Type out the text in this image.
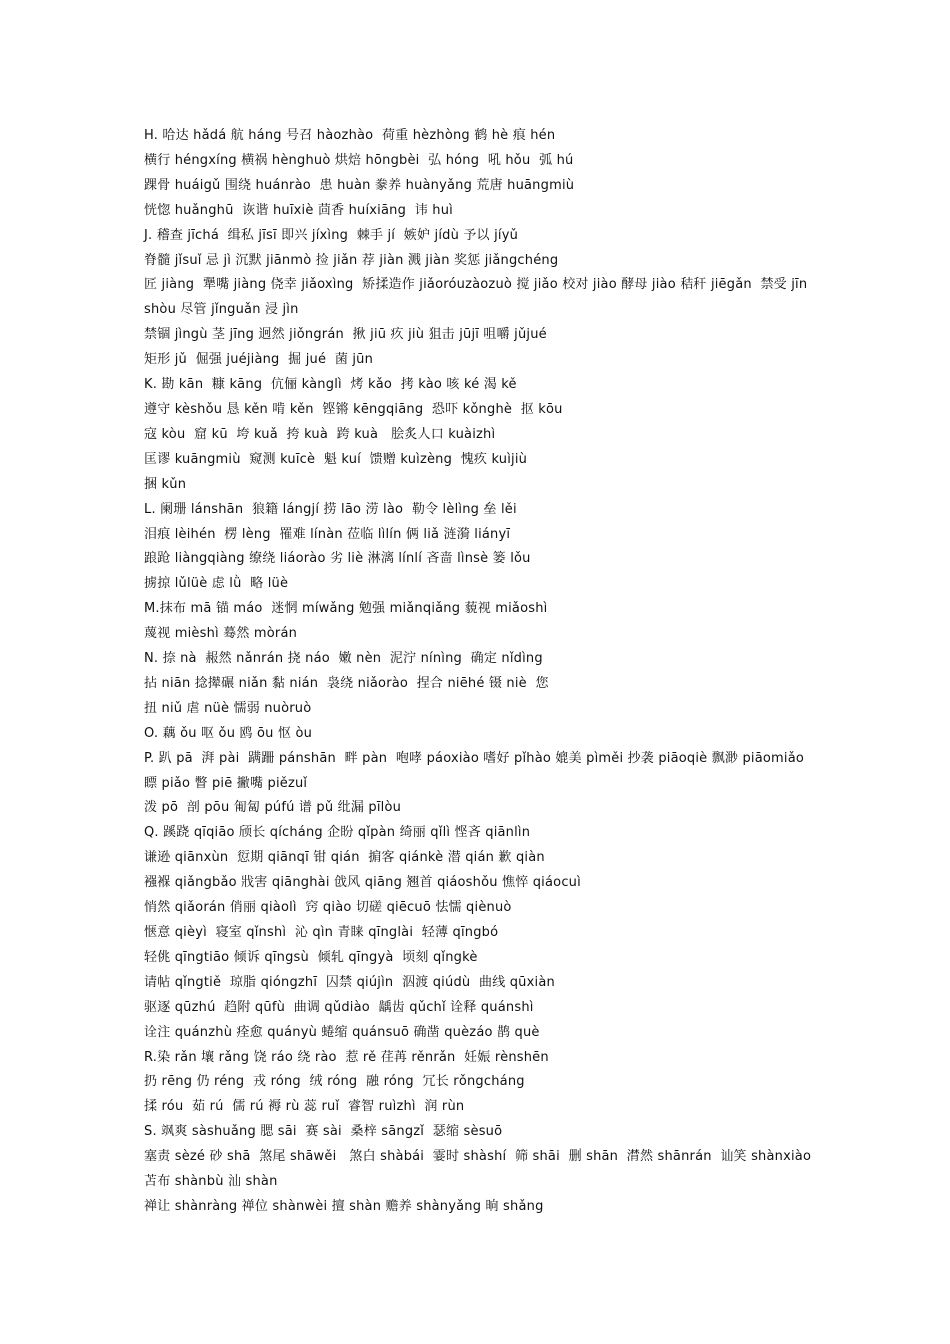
H. 哈达 hǎdá 航 háng 号召 hàozhào  荷重 hèzhòng 鹤 hè 痕 hén
横行 héngxíng 横祸 hènghuò 烘焙 hōngbèi  弘 hóng  吼 hǒu  弧 hú
踝骨 huáigǔ 围绕 huánrào  患 huàn 豢养 huànyǎng 荒唐 huāngmiù
恍惚 huǎnghū  诙谐 huīxiè 茴香 huíxiāng  讳 huì
J. 稽查 jīchá  缉私 jīsī 即兴 jíxìng  棘手 jí  嫉妒 jídù 予以 jíyǔ
脊髓 jǐsuǐ 忌 jì 沉默 jiānmò 捡 jiǎn 荐 jiàn 溅 jiàn 奖惩 jiǎngchéng
匠 jiàng  犟嘴 jiàng 侥幸 jiǎoxìng  矫揉造作 jiǎoróuzàozuò 搅 jiǎo 校对 jiào 酵母 jiào 秸秆 jiēgǎn  禁受 jīnshòu 尽管 jǐnguǎn 浸 jìn
禁锢 jìngù 茎 jīng 迥然 jiǒngrán  揪 jiū 疚 jiù 狙击 jūjī 咀嚼 jǔjué
矩形 jǔ  倔强 juéjiàng  掘 jué  菌 jūn
K. 勘 kān  糠 kāng  伉俪 kànglì  烤 kǎo  拷 kào 咳 ké 渴 kě
遵守 kèshǒu 恳 kěn 啃 kěn  铿锵 kēngqiāng  恐吓 kǒnghè  抠 kōu
寇 kòu  窟 kū  垮 kuǎ  挎 kuà  跨 kuà   脍炙人口 kuàizhì
匡谬 kuāngmiù  窥测 kuīcè  魁 kuí  馈赠 kuìzèng  愧疚 kuìjiù
捆 kǔn
L. 阑珊 lánshān  狼籍 lángjí 捞 lāo 涝 lào  勒令 lèlìng 垒 lěi
泪痕 lèihén  楞 lèng  罹难 línàn 莅临 lìlín 俩 liǎ 涟漪 liányī
踉跄 liàngqiàng 缭绕 liáorào 劣 liè 淋漓 línlí 吝啬 lìnsè 篓 lǒu
掳掠 lǔlüè 虑 lǜ  略 lüè
M.抹布 mā 锚 máo  迷惘 míwǎng 勉强 miǎnqiǎng 藐视 miǎoshì
蔑视 mièshì 蓦然 mòrán
N. 捺 nà  赧然 nǎnrán 挠 náo  嫩 nèn  泥泞 nínìng  确定 nǐdìng
拈 niān 捻撵碾 niǎn 黏 nián  袅绕 niǎorào  捏合 niēhé 镊 niè  您
扭 niǔ 虐 nüè 懦弱 nuòruò
O. 藕 ǒu 呕 ǒu 鸥 ōu 怄 òu
P. 趴 pā  湃 pài  蹒跚 pánshān  畔 pàn  咆哮 páoxiào 嗜好 pǐhào 媲美 pìměi 抄袭 piāoqiè 飘渺 piāomiǎo  瞟 piǎo 瞥 piē 撇嘴 piězuǐ
泼 pō  剖 pōu 匍匐 púfú 谱 pǔ 纰漏 pīlòu
Q. 蹊跷 qīqiāo 颀长 qícháng 企盼 qǐpàn 绮丽 qǐlì 悭吝 qiānlìn
谦逊 qiānxùn  愆期 qiānqī 钳 qián  掮客 qiánkè 潜 qián 歉 qiàn
襁褓 qiǎngbǎo 戕害 qiānghài 戗风 qiāng 翘首 qiáoshǒu 憔悴 qiáocuì
悄然 qiǎorán 俏丽 qiàolì  窍 qiào 切磋 qiēcuō 怯懦 qiènuò
惬意 qièyì  寝室 qǐnshì  沁 qìn 青睐 qīnglài  轻薄 qīngbó
轻佻 qīngtiāo 倾诉 qīngsù  倾轧 qīngyà  顷刻 qǐngkè
请帖 qǐngtiě  琼脂 qióngzhī  囚禁 qiújìn  泅渡 qiúdù  曲线 qūxiàn
驱逐 qūzhú  趋附 qūfù  曲调 qǔdiào  龋齿 qǔchǐ 诠释 quánshì
诠注 quánzhù 痊愈 quányù 蜷缩 quánsuō 确凿 quèzáo 鹊 què
R.染 rǎn 壤 rǎng 饶 ráo 绕 rào  惹 rě 荏苒 rěnrǎn  妊娠 rènshēn
扔 rēng 仍 réng  戎 róng  绒 róng  融 róng  冗长 rǒngcháng
揉 róu  茹 rú  儒 rú 褥 rù 蕊 ruǐ  睿智 ruìzhì  润 rùn
S. 飒爽 sàshuǎng 腮 sāi  赛 sài  桑梓 sāngzǐ  瑟缩 sèsuō
塞责 sèzé 砂 shā  煞尾 shāwěi   煞白 shàbái  霎时 shàshí  筛 shāi  删 shān  潸然 shānrán  讪笑 shànxiào  苫布 shànbù 汕 shàn
禅让 shànràng 禅位 shànwèi 擅 shàn 赡养 shànyǎng 晌 shǎng
